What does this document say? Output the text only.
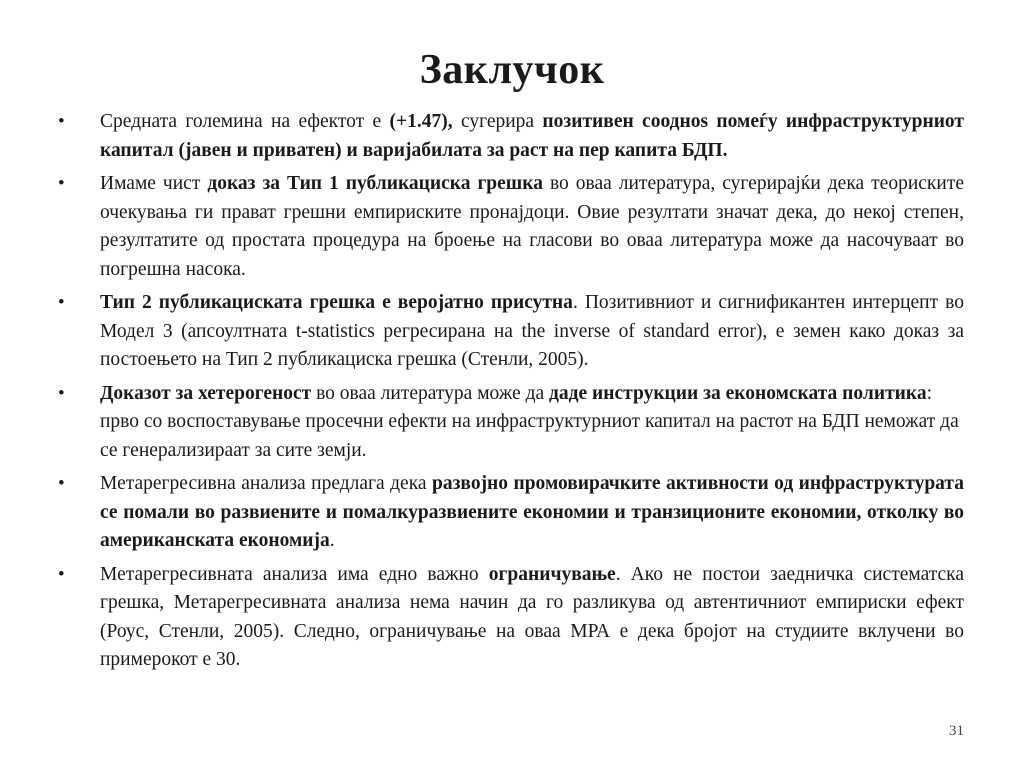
Заклучок
• Средната големина на ефектот е (+1.47), сугерира позитивен соодноѕ помеѓу инфраструктурниот капитал (јавен и приватен) и варијабилата за раст на пер капита БДП.
• Имаме чист доказ за Тип 1 публикациска грешка во оваа литература, сугерирајќи дека теориските очекувања ги прават грешни емпириските пронајдоци. Овие резултати значат дека, до некој степен, резултатите од простата процедура на броење на гласови во оваа литература може да насочуваат во погрешна насока.
• Тип 2 публикациската грешка е веројатно присутна. Позитивниот и сигнификантен интерцепт во Модел 3 (апсоултната t-statistics регресирана на the inverse of standard error), е земен како доказ за постоењето на Тип 2 публикациска грешка (Стенли, 2005).
• Доказот за хетерогеност во оваа литература може да даде инструкции за економската политика: прво со воспоставување просечни ефекти на инфраструктурниот капитал на растот на БДП неможат да се генерализираат за сите земји.
• Метарегресивна анализа предлага дека развојно промовирачките активности од инфраструктурата се помали во развиените и помалкуразвиените економии и транзиционите економии, отколку во американската економија.
• Метарегресивната анализа има едно важно ограничување. Ако не постои заедничка систематска грешка, Метарегресивната анализа нема начин да го разликува од автентичниот емпириски ефект (Роус, Стенли, 2005). Следно, ограничување на оваа МРА е дека бројот на студиите вклучени во примерокот е 30.
31
